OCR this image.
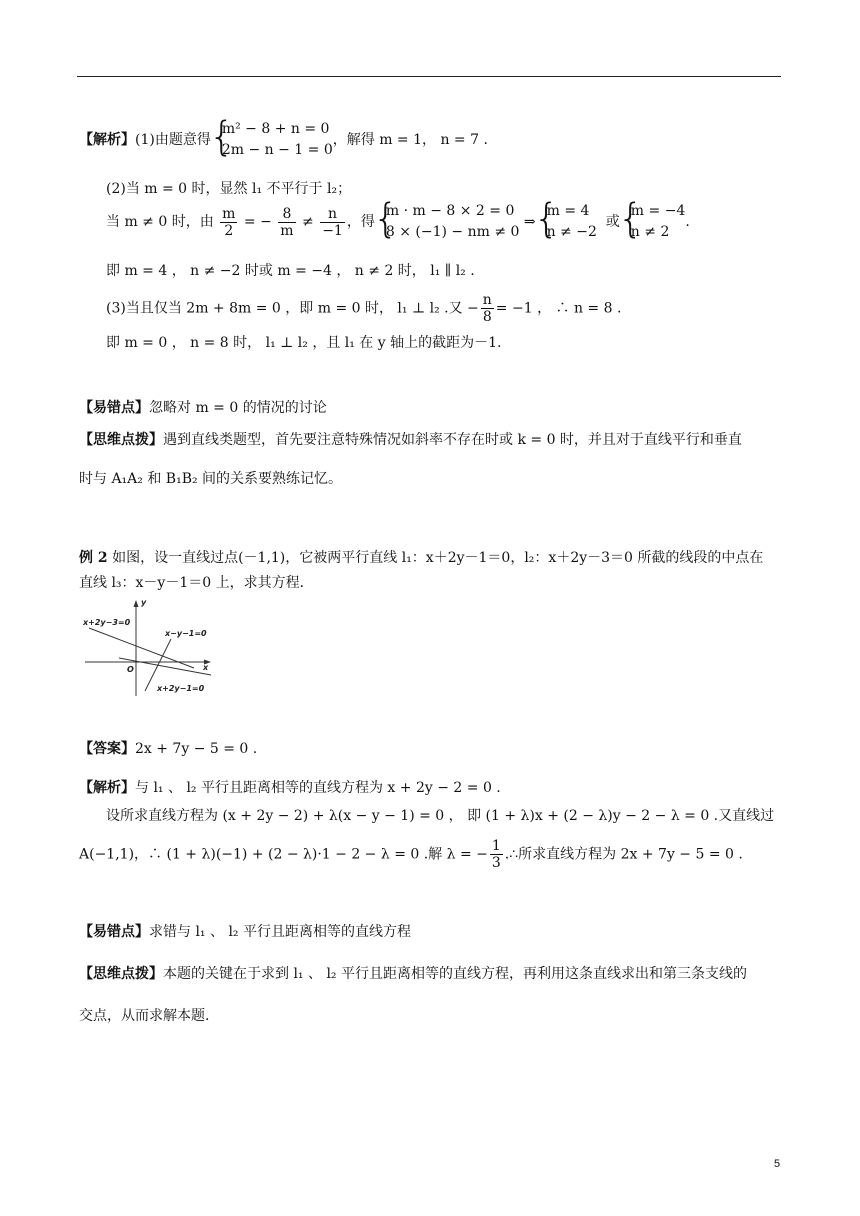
【解析】(1)由题意得
{ m² − 8 + n = 0
2m − n − 1 = 0
，解得 m = 1， n = 7 .
(2)当 m = 0 时，显然 l₁ 不平行于 l₂；
当 m ≠ 0 时，由 $\frac{m}{2}$ = − $\frac{8}{m} \ne \frac{n}{-1}$ ，得
{ m · m − 8 × 2 = 0
8 × (−1) − nm ≠ 0
⇒
{ m = 4
n ≠ −2
或
{ m = −4
n ≠ 2
.
即 m = 4 ， n ≠ −2 时或 m = −4 ， n ≠ 2 时， l₁ ∥ l₂ .
(3)当且仅当 2m + 8m = 0 ，即 m = 0 时， l₁ ⊥ l₂ .又 − $\frac{n}{8} = -1$ ， ∴ n = 8 .
即 m = 0 ， n = 8 时， l₁ ⊥ l₂ ，且 l₁ 在 y 轴上的截距为－1.
【易错点】忽略对 m = 0 的情况的讨论
【思维点拨】遇到直线类题型，首先要注意特殊情况如斜率不存在时或 k = 0 时，并且对于直线平行和垂直
时与 A₁A₂ 和 B₁B₂ 间的关系要熟练记忆。
例 2 如图，设一直线过点(－1,1)，它被两平行直线 l₁：x＋2y－1＝0，l₂：x＋2y－3＝0 所截的线段的中点在
直线 l₃：x－y－1＝0 上，求其方程．
x+2y−3=0
x−y−1=0
x+2y−1=0
y
x
O
【答案】2x + 7y − 5 = 0 .
【解析】与 l₁ 、 l₂ 平行且距离相等的直线方程为 x + 2y − 2 = 0 .
设所求直线方程为 (x + 2y − 2) + λ(x − y − 1) = 0 ， 即 (1 + λ)x + (2 − λ)y − 2 − λ = 0 .又直线过
A(−1,1)，∴ (1 + λ)(−1) + (2 − λ)·1 − 2 − λ = 0 .解 λ = − $\frac{1}{3}$ .∴所求直线方程为 2x + 7y − 5 = 0 .
【易错点】求错与 l₁ 、 l₂ 平行且距离相等的直线方程
【思维点拨】本题的关键在于求到 l₁ 、 l₂ 平行且距离相等的直线方程，再利用这条直线求出和第三条支线的
交点，从而求解本题.
5
